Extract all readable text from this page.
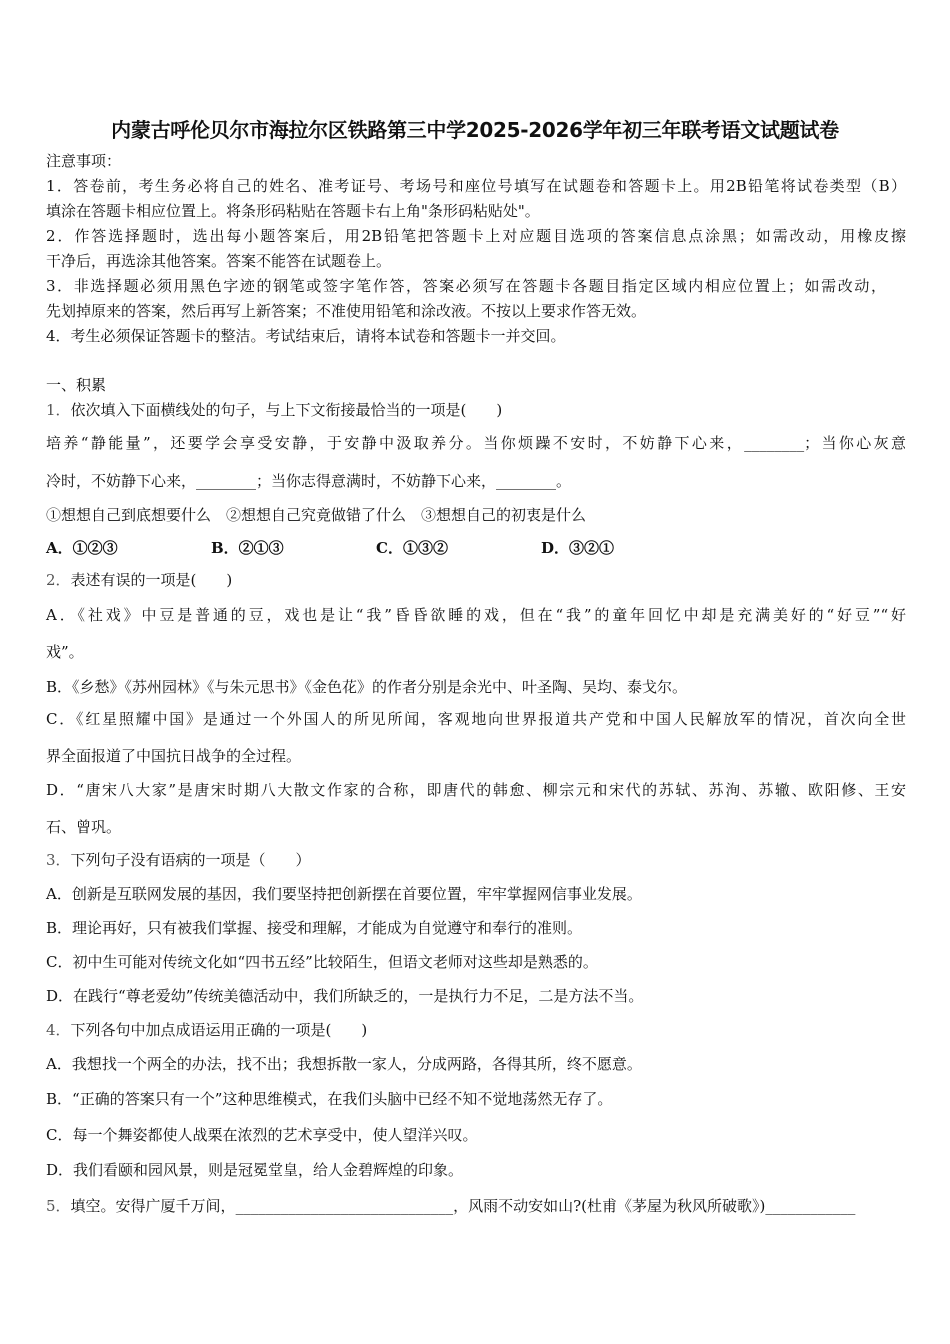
内蒙古呼伦贝尔市海拉尔区铁路第三中学2025-2026学年初三年联考语文试题试卷
注意事项：
1．答卷前，考生务必将自己的姓名、准考证号、考场号和座位号填写在试题卷和答题卡上。用2B铅笔将试卷类型（B）
填涂在答题卡相应位置上。将条形码粘贴在答题卡右上角"条形码粘贴处"。
2．作答选择题时，选出每小题答案后，用2B铅笔把答题卡上对应题目选项的答案信息点涂黑；如需改动，用橡皮擦
干净后，再选涂其他答案。答案不能答在试题卷上。
3．非选择题必须用黑色字迹的钢笔或签字笔作答，答案必须写在答题卡各题目指定区域内相应位置上；如需改动，
先划掉原来的答案，然后再写上新答案；不准使用铅笔和涂改液。不按以上要求作答无效。
4．考生必须保证答题卡的整洁。考试结束后，请将本试卷和答题卡一并交回。
一、积累
1．依次填入下面横线处的句子，与上下文衔接最恰当的一项是(　　)
培养“静能量”，还要学会享受安静，于安静中汲取养分。当你烦躁不安时，不妨静下心来，________；当你心灰意
冷时，不妨静下心来，________；当你志得意满时，不妨静下心来，________。
①想想自己到底想要什么　②想想自己究竟做错了什么　③想想自己的初衷是什么
A．①②③	B．②①③	C．①③②	D．③②①
2．表述有误的一项是(　　)
A．《社戏》中豆是普通的豆，戏也是让“我”昏昏欲睡的戏，但在“我”的童年回忆中却是充满美好的“好豆”“好
戏”。
B．《乡愁》《苏州园林》《与朱元思书》《金色花》的作者分别是余光中、叶圣陶、吴均、泰戈尔。
C．《红星照耀中国》是通过一个外国人的所见所闻，客观地向世界报道共产党和中国人民解放军的情况，首次向全世
界全面报道了中国抗日战争的全过程。
D．“唐宋八大家”是唐宋时期八大散文作家的合称，即唐代的韩愈、柳宗元和宋代的苏轼、苏洵、苏辙、欧阳修、王安
石、曾巩。
3．下列句子没有语病的一项是（　　）
A．创新是互联网发展的基因，我们要坚持把创新摆在首要位置，牢牢掌握网信事业发展。
B．理论再好，只有被我们掌握、接受和理解，才能成为自觉遵守和奉行的准则。
C．初中生可能对传统文化如“四书五经”比较陌生，但语文老师对这些却是熟悉的。
D．在践行“尊老爱幼”传统美德活动中，我们所缺乏的，一是执行力不足，二是方法不当。
4．下列各句中加点成语运用正确的一项是(　　)
A．我想找一个两全的办法，找不出；我想拆散一家人，分成两路，各得其所，终不愿意。
B．“正确的答案只有一个”这种思维模式，在我们头脑中已经不知不觉地荡然无存了。
C．每一个舞姿都使人战栗在浓烈的艺术享受中，使人望洋兴叹。
D．我们看颐和园风景，则是冠冕堂皇，给人金碧辉煌的印象。
5．填空。安得广厦千万间，_____________________________，风雨不动安如山?(杜甫《茅屋为秋风所破歌》)____________
